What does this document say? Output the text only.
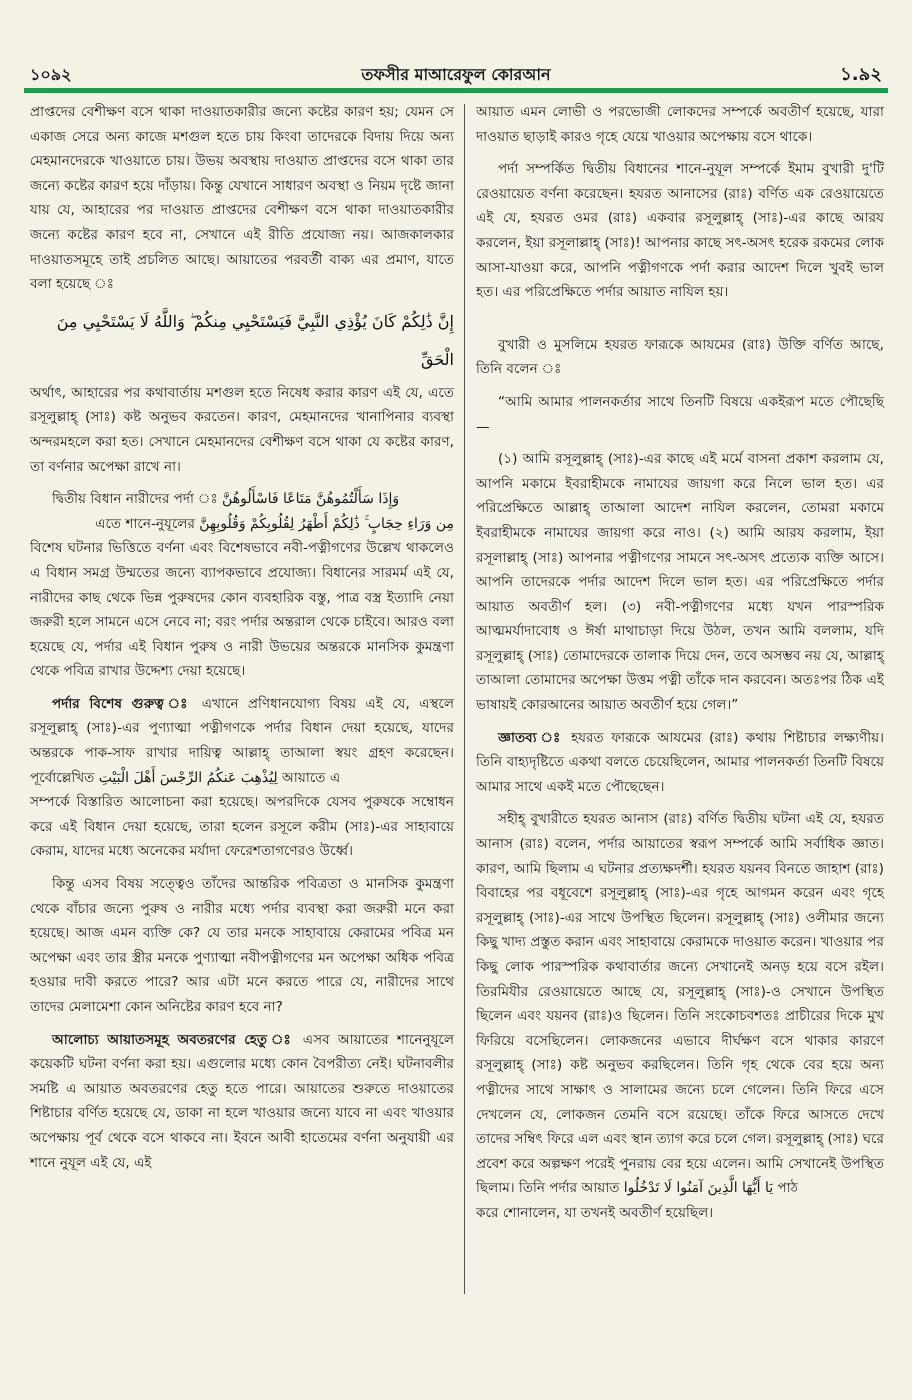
১০৯২	তফসীর মাআরেফুল কোরআন	১.৯২

প্রাপ্তদের বেশীক্ষণ বসে থাকা দাওয়াতকারীর জন্যে কষ্টের কারণ হয়; যেমন সে একাজ সেরে অন্য কাজে মশগুল হতে চায় কিংবা তাদেরকে বিদায় দিয়ে অন্য মেহমানদেরকে খাওয়াতে চায়। উভয় অবস্থায় দাওয়াত প্রাপ্তদের বসে থাকা তার জন্যে কষ্টের কারণ হয়ে দাঁড়ায়। কিন্তু যেখানে সাধারণ অবস্থা ও নিয়ম দৃষ্টে জানা যায় যে, আহারের পর দাওয়াত প্রাপ্তদের বেশীক্ষণ বসে থাকা দাওয়াতকারীর জন্যে কষ্টের কারণ হবে না, সেখানে এই রীতি প্রযোজ্য নয়। আজকালকার দাওয়াতসমূহে তাই প্রচলিত আছে। আয়াতের পরবর্তী বাক্য এর প্রমাণ, যাতে বলা হয়েছে ঃ

إِنَّ ذَٰلِكُمْ كَانَ يُؤْذِي النَّبِيَّ فَيَسْتَحْيِي مِنكُمْ ۖ وَاللَّهُ لَا يَسْتَحْيِي مِنَ
الْحَقِّ

অর্থাৎ, আহারের পর কথাবার্তায় মশগুল হতে নিষেধ করার কারণ এই যে, এতে রসূলুল্লাহ্ (সাঃ) কষ্ট অনুভব করতেন। কারণ, মেহমানদের খানাপিনার ব্যবস্থা অন্দরমহলে করা হত। সেখানে মেহমানদের বেশীক্ষণ বসে থাকা যে কষ্টের কারণ, তা বর্ণনার অপেক্ষা রাখে না।

দ্বিতীয় বিধান নারীদের পর্দা ঃ وَإِذَا سَأَلْتُمُوهُنَّ مَتَاعًا فَاسْأَلُوهُنَّ

এতে শানে-নুযূলের مِن وَرَاءِ حِجَابٍ ۚ ذَٰلِكُمْ أَطْهَرُ لِقُلُوبِكُمْ وَقُلُوبِهِنَّ

বিশেষ ঘটনার ভিত্তিতে বর্ণনা এবং বিশেষভাবে নবী-পত্নীগণের উল্লেখ থাকলেও এ বিধান সমগ্র উম্মতের জন্যে ব্যাপকভাবে প্রযোজ্য। বিধানের সারমর্ম এই যে, নারীদের কাছ থেকে ভিন্ন পুরুষদের কোন ব্যবহারিক বস্তু, পাত্র বস্ত্র ইত্যাদি নেয়া জরুরী হলে সামনে এসে নেবে না; বরং পর্দার অন্তরাল থেকে চাইবে। আরও বলা হয়েছে যে, পর্দার এই বিধান পুরুষ ও নারী উভয়ের অন্তরকে মানসিক কুমন্ত্রণা থেকে পবিত্র রাখার উদ্দেশ্য দেয়া হয়েছে।

পর্দার বিশেষ গুরুত্ব ঃ এখানে প্রণিধানযোগ্য বিষয় এই যে, এস্থলে রসূলুল্লাহ্ (সাঃ)-এর পুণ্যাত্মা পত্নীগণকে পর্দার বিধান দেয়া হয়েছে, যাদের অন্তরকে পাক-সাফ রাখার দায়িত্ব আল্লাহ্ তাআলা স্বয়ং গ্রহণ করেছেন। পূর্বোল্লেখিত لِيُذْهِبَ عَنكُمُ الرِّجْسَ أَهْلَ الْبَيْتِ আয়াতে এ

সম্পর্কে বিস্তারিত আলোচনা করা হয়েছে। অপরদিকে যেসব পুরুষকে সম্বোধন করে এই বিধান দেয়া হয়েছে, তারা হলেন রসূলে করীম (সাঃ)-এর সাহাবায়ে কেরাম, যাদের মধ্যে অনেকের মর্যাদা ফেরেশতাগণেরও উর্ধ্বে।

কিন্তু এসব বিষয় সত্ত্বেও তাঁদের আন্তরিক পবিত্রতা ও মানসিক কুমন্ত্রণা থেকে বাঁচার জন্যে পুরুষ ও নারীর মধ্যে পর্দার ব্যবস্থা করা জরুরী মনে করা হয়েছে। আজ এমন ব্যক্তি কে? যে তার মনকে সাহাবায়ে কেরামের পবিত্র মন অপেক্ষা এবং তার স্ত্রীর মনকে পুণ্যাত্মা নবীপত্নীগণের মন অপেক্ষা অধিক পবিত্র হওয়ার দাবী করতে পারে? আর এটা মনে করতে পারে যে, নারীদের সাথে তাদের মেলামেশা কোন অনিষ্টের কারণ হবে না?

আলোচ্য আয়াতসমূহ অবতরণের হেতু ঃ এসব আয়াতের শানেনুযূলে কয়েকটি ঘটনা বর্ণনা করা হয়। এগুলোর মধ্যে কোন বৈপরীত্য নেই। ঘটনাবলীর সমষ্টি এ আয়াত অবতরণের হেতু হতে পারে। আয়াতের শুরুতে দাওয়াতের শিষ্টাচার বর্ণিত হয়েছে যে, ডাকা না হলে খাওয়ার জন্যে যাবে না এবং খাওয়ার অপেক্ষায় পূর্ব থেকে বসে থাকবে না। ইবনে আবী হাতেমের বর্ণনা অনুযায়ী এর শানে নুযূল এই যে, এই

আয়াত এমন লোভী ও পরভোজী লোকদের সম্পর্কে অবতীর্ণ হয়েছে, যারা দাওয়াত ছাড়াই কারও গৃহে যেয়ে খাওয়ার অপেক্ষায় বসে থাকে।

পর্দা সম্পর্কিত দ্বিতীয় বিধানের শানে-নুযূল সম্পর্কে ইমাম বুখারী দু'টি রেওয়ায়েত বর্ণনা করেছেন। হযরত আনাসের (রাঃ) বর্ণিত এক রেওয়ায়েতে এই যে, হযরত ওমর (রাঃ) একবার রসূলুল্লাহ্ (সাঃ)-এর কাছে আরয করলেন, ইয়া রসূলাল্লাহ্ (সাঃ)! আপনার কাছে সৎ-অসৎ হরেক রকমের লোক আসা-যাওয়া করে, আপনি পত্নীগণকে পর্দা করার আদেশ দিলে খুবই ভাল হত। এর পরিপ্রেক্ষিতে পর্দার আয়াত নাযিল হয়।

বুখারী ও মুসলিমে হযরত ফারূকে আযমের (রাঃ) উক্তি বর্ণিত আছে, তিনি বলেন ঃ

“আমি আমার পালনকর্তার সাথে তিনটি বিষয়ে একইরূপ মতে পৌছেছি—

(১) আমি রসূলুল্লাহ্ (সাঃ)-এর কাছে এই মর্মে বাসনা প্রকাশ করলাম যে, আপনি মকামে ইবরাহীমকে নামাযের জায়গা করে নিলে ভাল হত। এর পরিপ্রেক্ষিতে আল্লাহ্ তাআলা আদেশ নাযিল করলেন, তোমরা মকামে ইবরাহীমকে নামাযের জায়গা করে নাও। (২) আমি আরয করলাম, ইয়া রসূলাল্লাহ্ (সাঃ) আপনার পত্নীগণের সামনে সৎ-অসৎ প্রত্যেক ব্যক্তি আসে। আপনি তাদেরকে পর্দার আদেশ দিলে ভাল হত। এর পরিপ্রেক্ষিতে পর্দার আয়াত অবতীর্ণ হল। (৩) নবী-পত্নীগণের মধ্যে যখন পারস্পরিক আত্মমর্যাদাবোধ ও ঈর্ষা মাথাচাড়া দিয়ে উঠল, তখন আমি বললাম, যদি রসূলুল্লাহ্ (সাঃ) তোমাদেরকে তালাক দিয়ে দেন, তবে অসম্ভব নয় যে, আল্লাহ্ তাআলা তোমাদের অপেক্ষা উত্তম পত্নী তাঁকে দান করবেন। অতঃপর ঠিক এই ভাষায়ই কোরআনের আয়াত অবতীর্ণ হয়ে গেল।”

জ্ঞাতব্য ঃ হযরত ফারূকে আযমের (রাঃ) কথায় শিষ্টাচার লক্ষ্যণীয়। তিনি বাহ্যদৃষ্টিতে একথা বলতে চেয়েছিলেন, আমার পালনকর্তা তিনটি বিষয়ে আমার সাথে একই মতে পৌছেছেন।

সহীহ্ বুখারীতে হযরত আনাস (রাঃ) বর্ণিত দ্বিতীয় ঘটনা এই যে, হযরত আনাস (রাঃ) বলেন, পর্দার আয়াতের স্বরূপ সম্পর্কে আমি সর্বাধিক জ্ঞাত। কারণ, আমি ছিলাম এ ঘটনার প্রত্যক্ষদর্শী। হযরত যয়নব বিনতে জাহাশ (রাঃ) বিবাহের পর বধূবেশে রসূলুল্লাহ্ (সাঃ)-এর গৃহে আগমন করেন এবং গৃহে রসূলুল্লাহ্ (সাঃ)-এর সাথে উপস্থিত ছিলেন। রসূলুল্লাহ্ (সাঃ) ওলীমার জন্যে কিছু খাদ্য প্রস্তুত করান এবং সাহাবায়ে কেরামকে দাওয়াত করেন। খাওয়ার পর কিছু লোক পারস্পরিক কথাবার্তার জন্যে সেখানেই অনড় হয়ে বসে রইল। তিরমিযীর রেওয়ায়েতে আছে যে, রসূলুল্লাহ্ (সাঃ)-ও সেখানে উপস্থিত ছিলেন এবং যয়নব (রাঃ)ও ছিলেন। তিনি সংকোচবশতঃ প্রাচীরের দিকে মুখ ফিরিয়ে বসেছিলেন। লোকজনের এভাবে দীর্ঘক্ষণ বসে থাকার কারণে রসূলুল্লাহ্ (সাঃ) কষ্ট অনুভব করছিলেন। তিনি গৃহ থেকে বের হয়ে অন্য পত্নীদের সাথে সাক্ষাৎ ও সালামের জন্যে চলে গেলেন। তিনি ফিরে এসে দেখলেন যে, লোকজন তেমনি বসে রয়েছে। তাঁকে ফিরে আসতে দেখে তাদের সম্বিৎ ফিরে এল এবং স্থান ত্যাগ করে চলে গেল। রসূলুল্লাহ্ (সাঃ) ঘরে প্রবেশ করে অল্পক্ষণ পরেই পুনরায় বের হয়ে এলেন। আমি সেখানেই উপস্থিত ছিলাম। তিনি পর্দার আয়াত يَا أَيُّهَا الَّذِينَ آمَنُوا لَا تَدْخُلُوا পাঠ

করে শোনালেন, যা তখনই অবতীর্ণ হয়েছিল।
